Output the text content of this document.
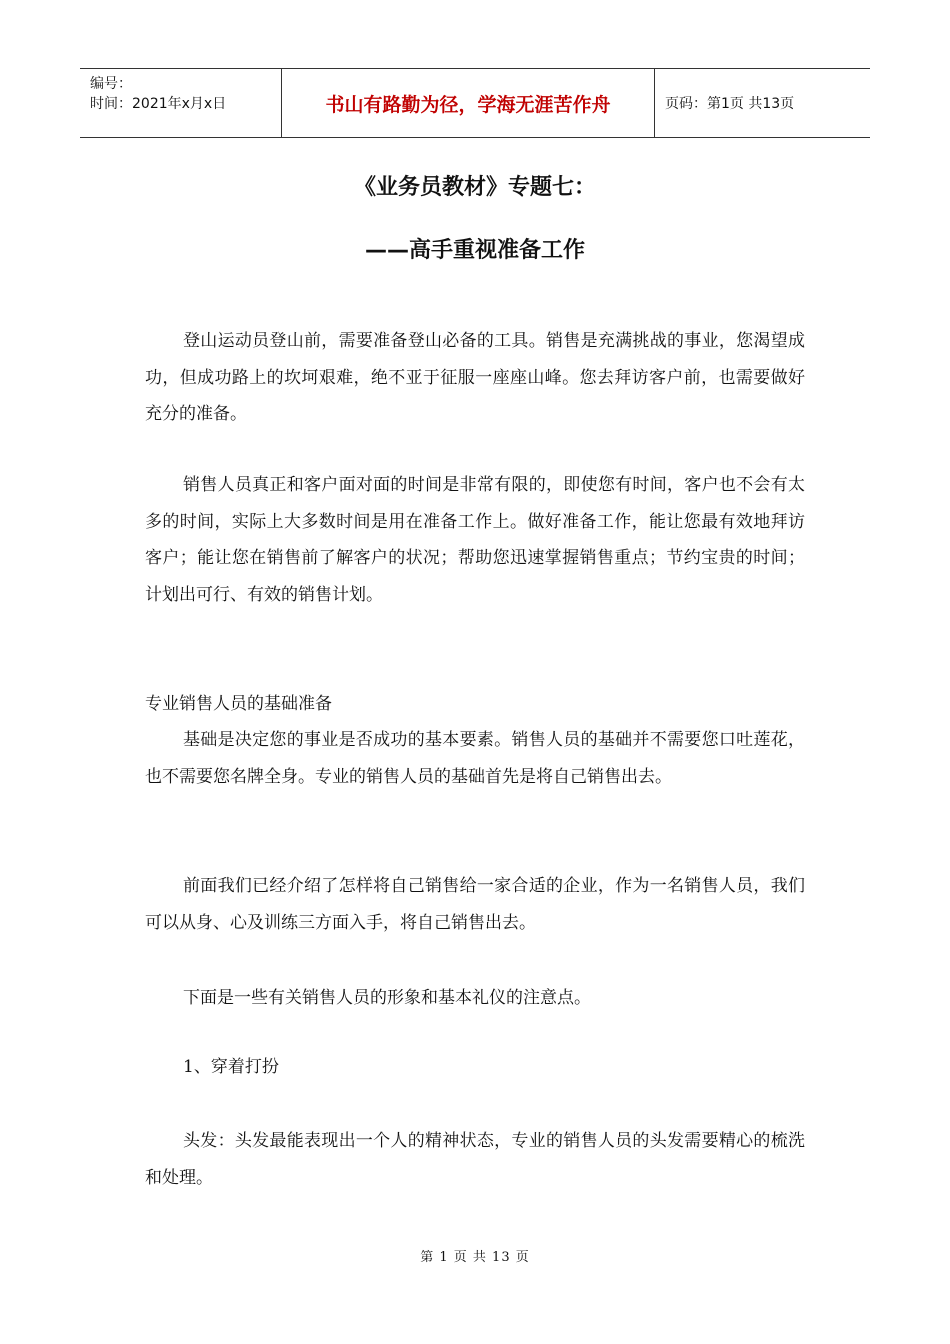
编号：
时间：2021年x月x日	书山有路勤为径，学海无涯苦作舟	页码：第1页 共13页
《业务员教材》专题七：
——高手重视准备工作

登山运动员登山前，需要准备登山必备的工具。销售是充满挑战的事业，您渴望成功，但成功路上的坎坷艰难，绝不亚于征服一座座山峰。您去拜访客户前，也需要做好充分的准备。

销售人员真正和客户面对面的时间是非常有限的，即使您有时间，客户也不会有太多的时间，实际上大多数时间是用在准备工作上。做好准备工作，能让您最有效地拜访客户；能让您在销售前了解客户的状况；帮助您迅速掌握销售重点；节约宝贵的时间；计划出可行、有效的销售计划。

专业销售人员的基础准备

基础是决定您的事业是否成功的基本要素。销售人员的基础并不需要您口吐莲花，也不需要您名牌全身。专业的销售人员的基础首先是将自己销售出去。

前面我们已经介绍了怎样将自己销售给一家合适的企业，作为一名销售人员，我们可以从身、心及训练三方面入手，将自己销售出去。

下面是一些有关销售人员的形象和基本礼仪的注意点。

1、穿着打扮

头发：头发最能表现出一个人的精神状态，专业的销售人员的头发需要精心的梳洗和处理。

第 1 页 共 13 页
